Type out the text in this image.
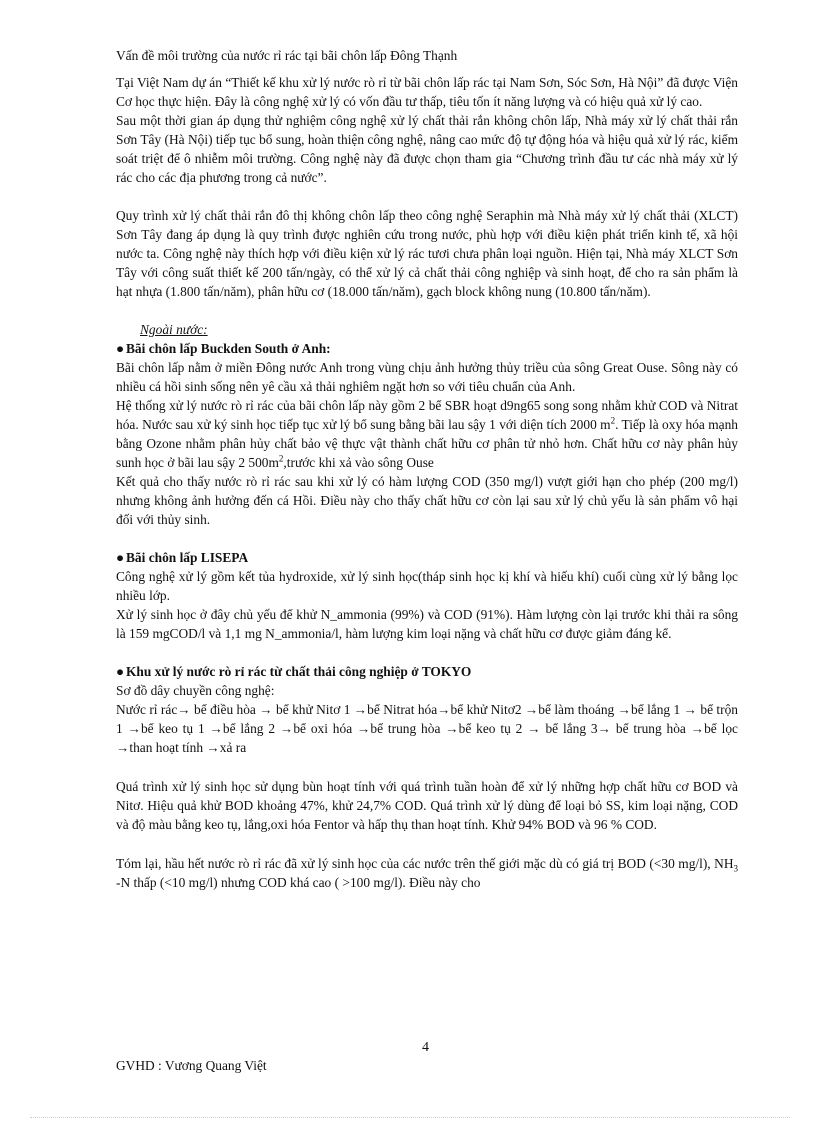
Vấn đề môi trường của nước rỉ rác tại bãi chôn lấp Đông Thạnh

Tại Việt Nam dự án “Thiết kế khu xử lý nước rò rỉ từ bãi chôn lấp rác tại Nam Sơn, Sóc Sơn, Hà Nội” đã được Viện Cơ học thực hiện. Đây là công nghệ xử lý có vốn đầu tư thấp, tiêu tốn ít năng lượng và có hiệu quả xử lý cao.

Sau một thời gian áp dụng thử nghiệm công nghệ xử lý chất thải rắn không chôn lấp, Nhà máy xử lý chất thải rắn Sơn Tây (Hà Nội) tiếp tục bổ sung, hoàn thiện công nghệ, nâng cao mức độ tự động hóa và hiệu quả xử lý rác, kiểm soát triệt để ô nhiễm môi trường. Công nghệ này đã được chọn tham gia “Chương trình đầu tư các nhà máy xử lý rác cho các địa phương trong cả nước”.

Quy trình xử lý chất thải rắn đô thị không chôn lấp theo công nghệ Seraphin mà Nhà máy xử lý chất thải (XLCT) Sơn Tây đang áp dụng là quy trình được nghiên cứu trong nước, phù hợp với điều kiện phát triển kinh tế, xã hội nước ta. Công nghệ này thích hợp với điều kiện xử lý rác tươi chưa phân loại nguồn. Hiện tại, Nhà máy XLCT Sơn Tây với công suất thiết kế 200 tấn/ngày, có thể xử lý cả chất thải công nghiệp và sinh hoạt, để cho ra sản phẩm là hạt nhựa (1.800 tấn/năm), phân hữu cơ (18.000 tấn/năm), gạch block không nung (10.800 tấn/năm).

Ngoài nước:

● Bãi chôn lấp Buckden South ở Anh:

Bãi chôn lấp nằm ở miền Đông nước Anh trong vùng chịu ảnh hưởng thủy triều của sông Great Ouse. Sông này có nhiều cá hồi sinh sống nên yê cầu xả thải nghiêm ngặt hơn so với tiêu chuẩn của Anh.

Hệ thống xử lý nước rò rỉ rác của bãi chôn lấp này gồm 2 bể SBR hoạt d9ng65 song song nhằm khử COD và Nitrat hóa. Nước sau xử ký sinh học tiếp tục xử lý bổ sung bằng bãi lau sậy 1 với diện tích 2000 $m^2$. Tiếp là oxy hóa mạnh bằng Ozone nhằm phân hủy chất bảo vệ thực vật thành chất hữu cơ phân tử nhỏ hơn. Chất hữu cơ này phân hủy sunh học ở bãi lau sậy 2 $500m^2,trước$ khi xả vào sông Ouse

Kết quả cho thấy nước rò rỉ rác sau khi xử lý có hàm lượng COD (350 mg/l) vượt giới hạn cho phép (200 mg/l) nhưng không ảnh hưởng đến cá Hồi. Điều này cho thấy chất hữu cơ còn lại sau xử lý chủ yếu là sản phẩm vô hại đối với thủy sinh.

● Bãi chôn lấp LISEPA

Công nghệ xử lý gồm kết tủa hydroxide, xử lý sinh học(tháp sinh học kị khí và hiếu khí) cuối cùng xử lý bằng lọc nhiều lớp.

Xử lý sinh học ở đây chủ yếu để khử N_ammonia (99%) và COD (91%). Hàm lượng còn lại trước khi thải ra sông là 159 mgCOD/l và 1,1 mg N_ammonia/l, hàm lượng kim loại nặng và chất hữu cơ được giảm đáng kể.

● Khu xử lý nước rò rỉ rác từ chất thải công nghiệp ở TOKYO

Sơ đồ dây chuyền công nghệ:

Nước rỉ rác→ bể điều hòa → bể khử Nitơ 1 →bể Nitrat hóa→bể khử Nitơ2 →bể làm thoáng →bể lắng 1 → bể trộn 1 →bể keo tụ 1 →bể lắng 2 →bể oxi hóa →bể trung hòa →bể keo tụ 2 → bể lắng 3→ bể trung hòa →bể lọc →than hoạt tính →xả ra

Quá trình xử lý sinh học sử dụng bùn hoạt tính với quá trình tuần hoàn để xử lý những hợp chất hữu cơ BOD và Nitơ. Hiệu quả khử BOD khoảng 47%, khử 24,7% COD. Quá trình xử lý dùng để loại bỏ SS, kim loại nặng, COD và độ màu bằng keo tụ, lắng,oxi hóa Fentor và hấp thụ than hoạt tính. Khử 94% BOD và 96 % COD.

Tóm lại, hầu hết nước rò rỉ rác đã xử lý sinh học của các nước trên thế giới mặc dù có giá trị BOD (<30 mg/l), $NH_3$ -N thấp (<10 mg/l) nhưng COD khá cao ( >100 mg/l). Điều này cho

4
GVHD : Vương Quang Việt
